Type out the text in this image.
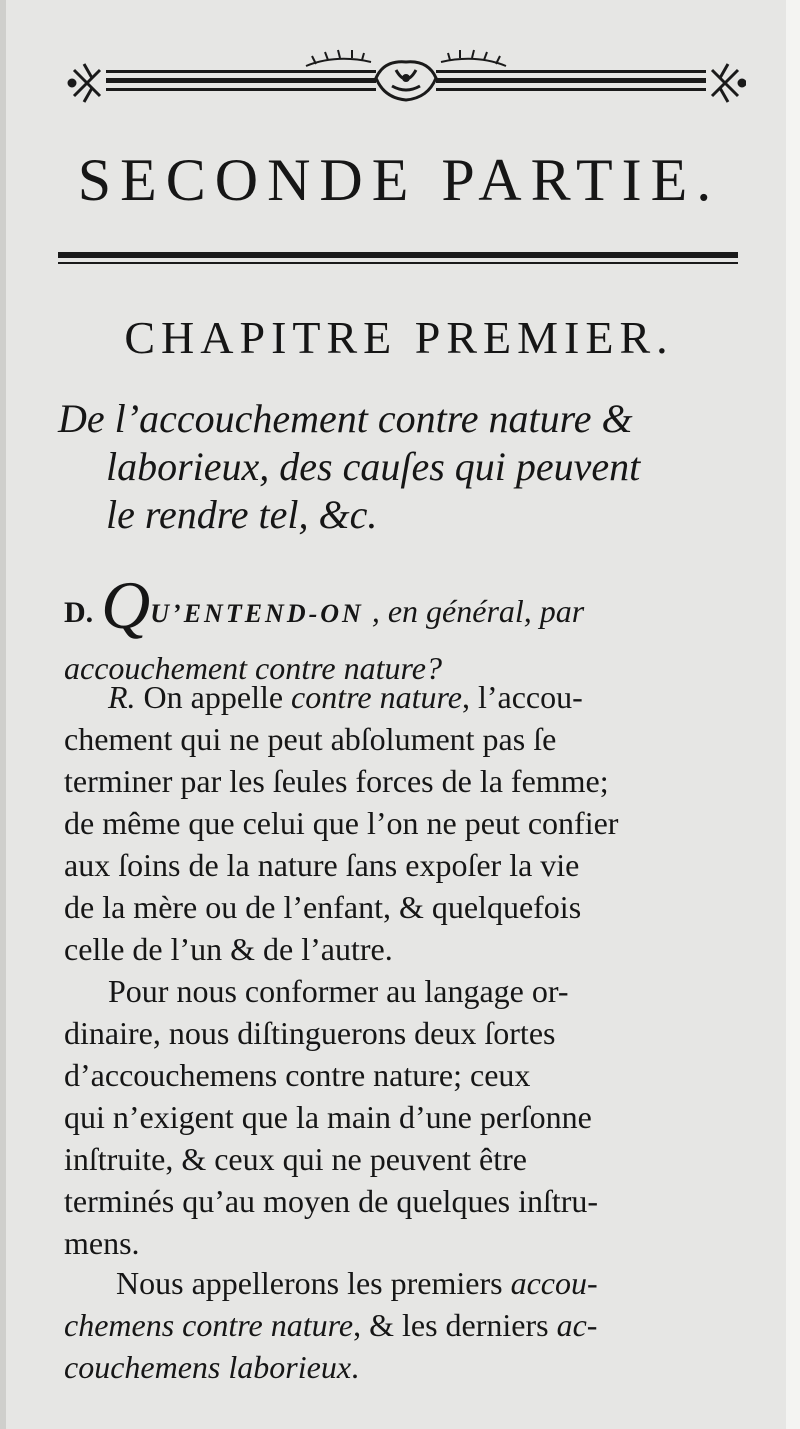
SECONDE PARTIE.
CHAPITRE PREMIER.
De l’accouchement contre nature &
laborieux, des cauſes qui peuvent
le rendre tel, &c.
D. QU’ENTEND-ON , en général, par
accouchement contre nature?
R. On appelle contre nature, l’accou-
chement qui ne peut abſolument pas ſe
terminer par les ſeules forces de la femme;
de même que celui que l’on ne peut confier
aux ſoins de la nature ſans expoſer la vie
de la mère ou de l’enfant, & quelquefois
celle de l’un & de l’autre.
Pour nous conformer au langage or-
dinaire, nous diſtinguerons deux ſortes
d’accouchemens contre nature; ceux
qui n’exigent que la main d’une perſonne
inſtruite, & ceux qui ne peuvent être
terminés qu’au moyen de quelques inſtru-
mens.
Nous appellerons les premiers accou-
chemens contre nature, & les derniers ac-
couchemens laborieux.
